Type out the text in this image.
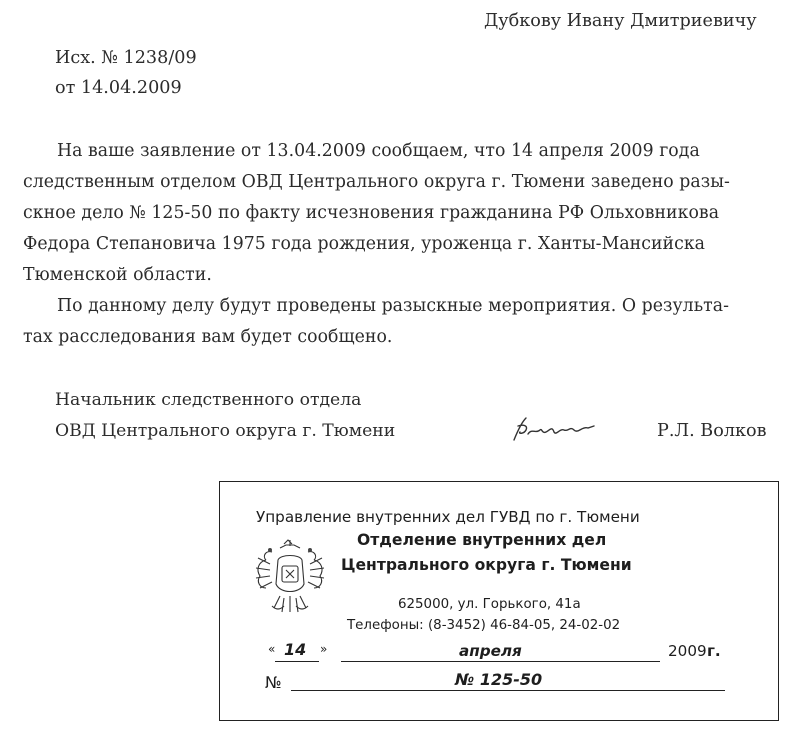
Дубкову Ивану Дмитриевичу
Исх. № 1238/09
от 14.04.2009
На ваше заявление от 13.04.2009 сообщаем, что 14 апреля 2009 года
следственным отделом ОВД Центрального округа г. Тюмени заведено разы-
скное дело № 125-50 по факту исчезновения гражданина РФ Ольховникова
Федора Степановича 1975 года рождения, уроженца г. Ханты-Мансийска
Тюменской области.
По данному делу будут проведены разыскные мероприятия. О результа-
тах расследования вам будет сообщено.
Начальник следственного отдела
ОВД Центрального округа г. Тюмени	Р.Л. Волков
Управление внутренних дел ГУВД по г. Тюмени
Отделение внутренних дел
Центрального округа г. Тюмени
625000, ул. Горького, 41а
Телефоны: (8-3452) 46-84-05, 24-02-02
« 14 »	апреля	2009 г.
№	№ 125-50
